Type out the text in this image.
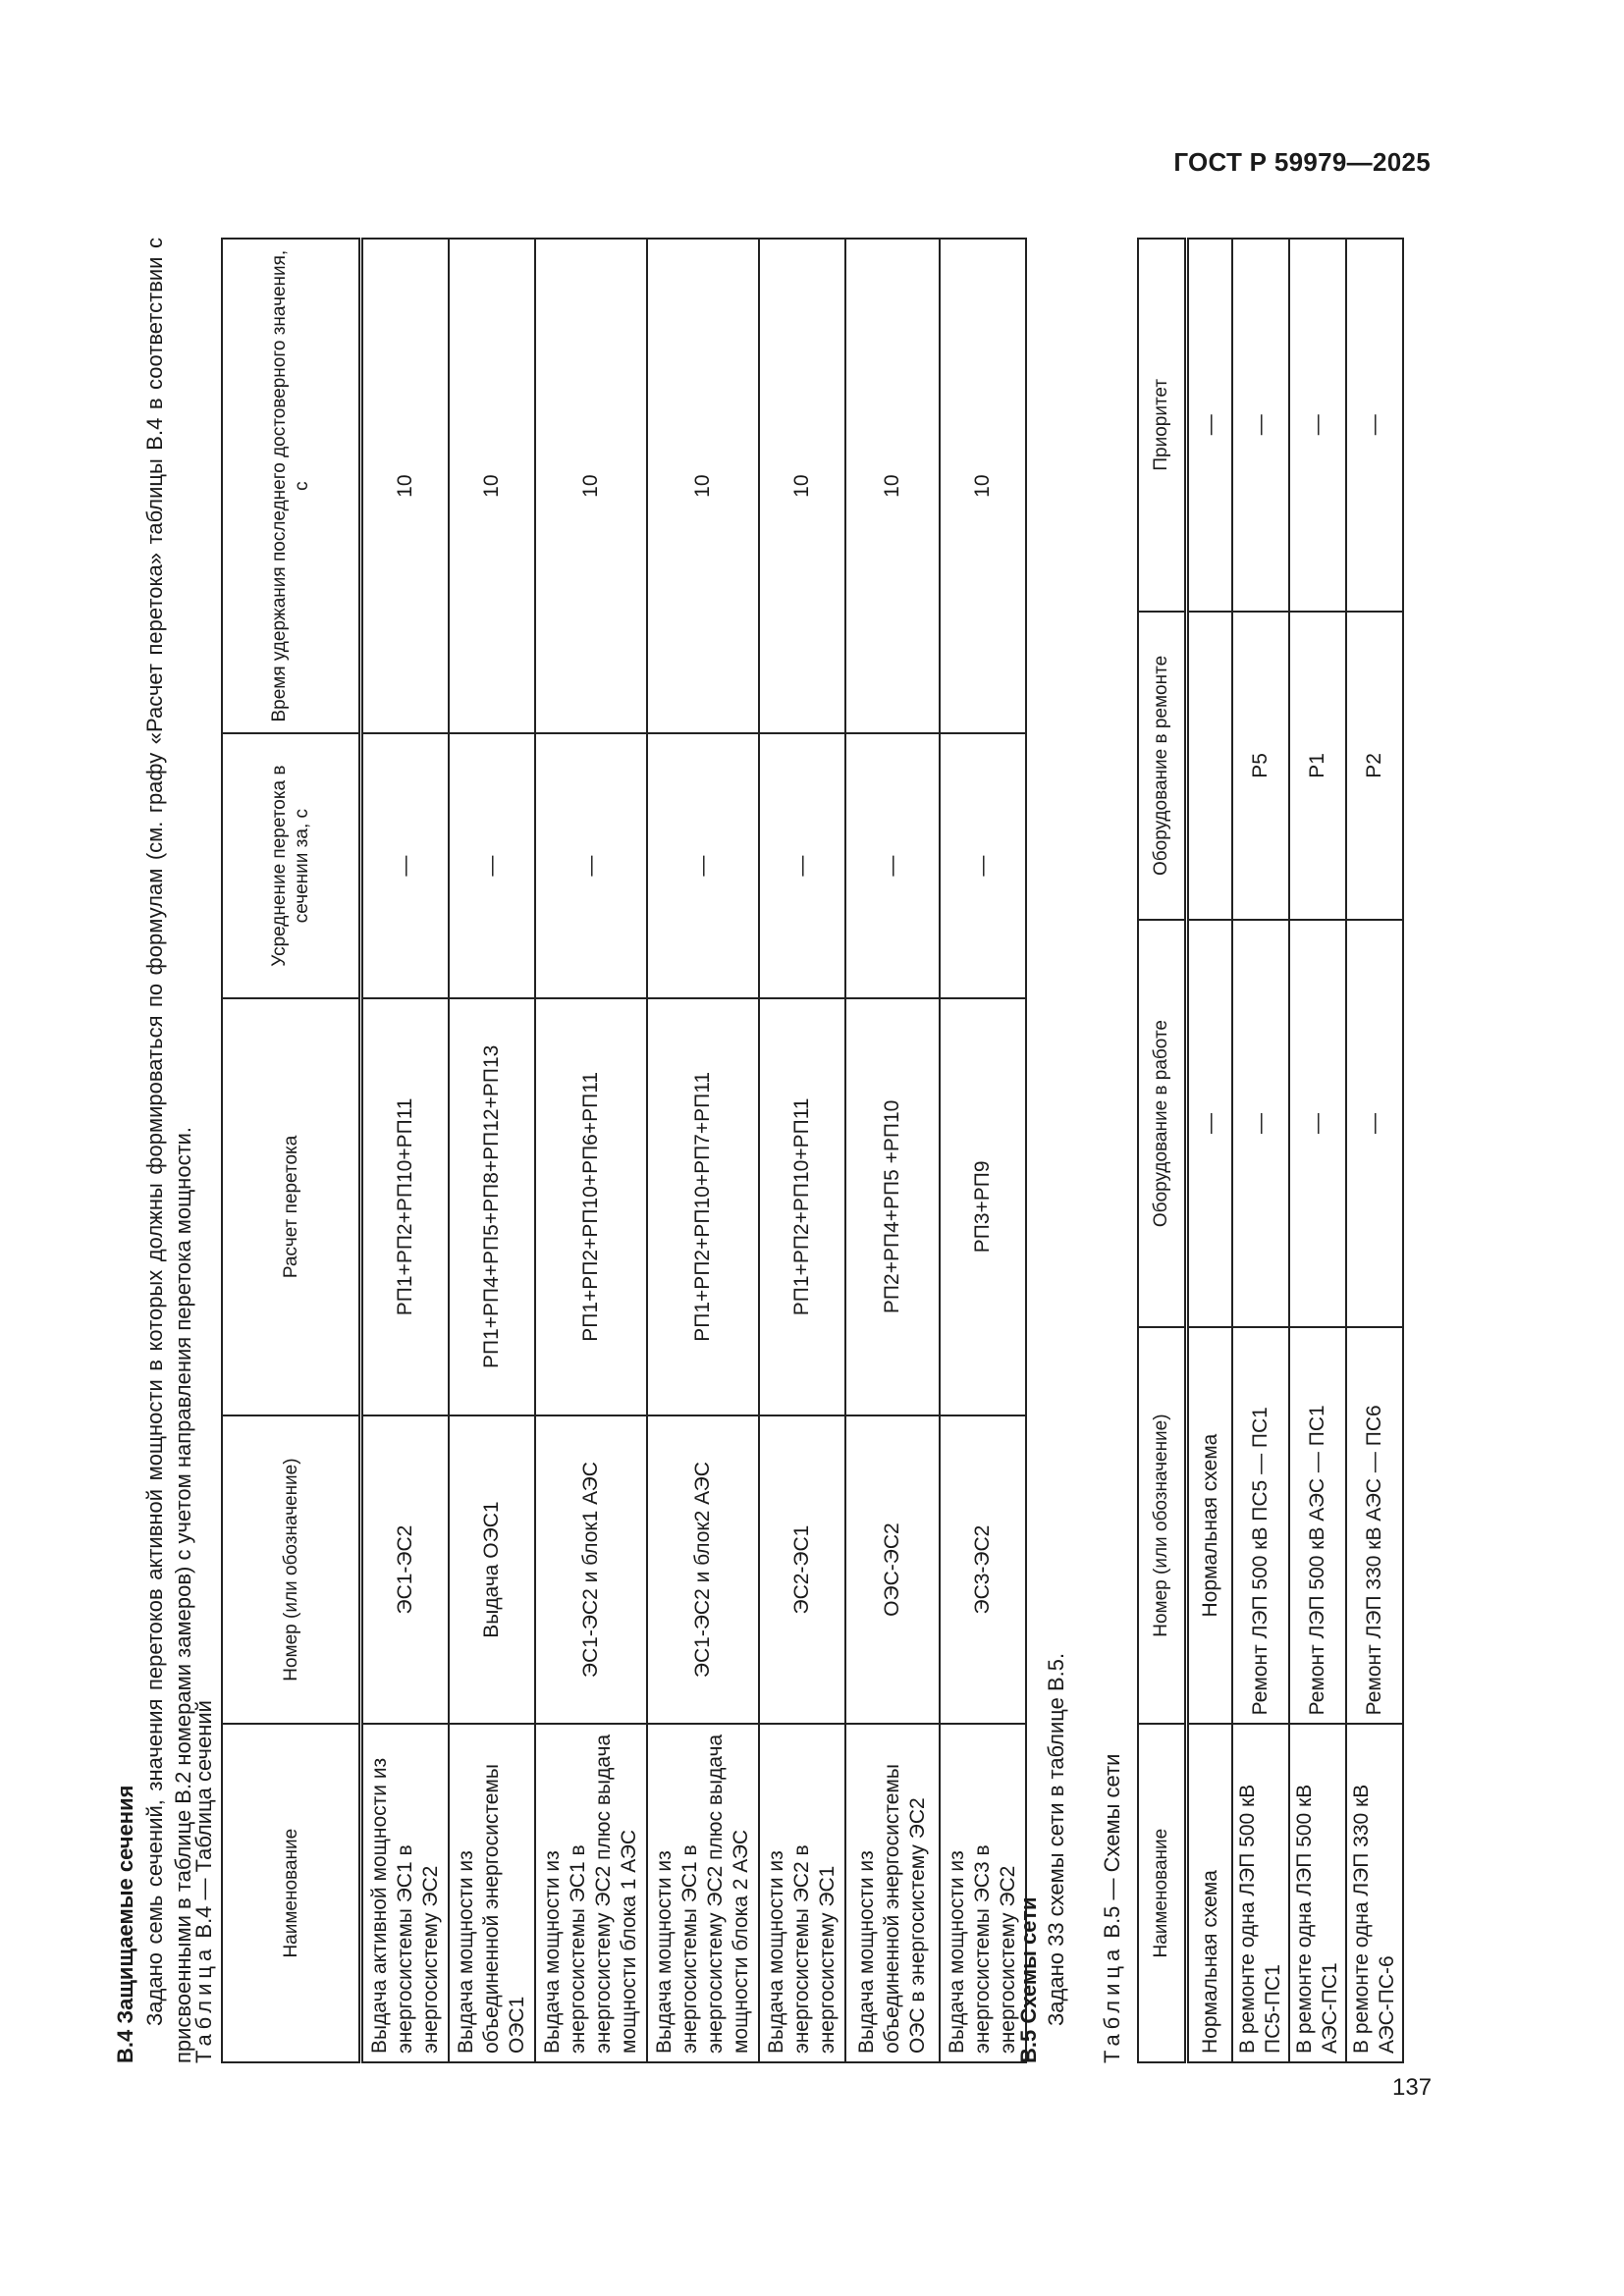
ГОСТ Р 59979—2025
В.4 Защищаемые сечения Задано семь сечений, значения перетоков активной мощности в которых должны формироваться по формулам (см. графу «Расчет перетока» таблицы В.4 в соответствии с присвоенными в таблице В.2 номерами замеров) с учетом направления перетока мощности.
Таблица В.4 — Таблица сечений	Наименование	Номер (или обозначение)	Расчет перетока	Усреднение перетока в сечении за, с	Время удержания последнего достоверного значения, с
Выдача активной мощности из энергосистемы ЭС1 в энергосистему ЭС2	ЭС1-ЭС2	РП1+РП2+РП10+РП11	—	10
Выдача мощности из объединенной энергосистемы ОЭС1	Выдача ОЭС1	РП1+РП4+РП5+РП8+РП12+РП13	—	10
Выдача мощности из энергосистемы ЭС1 в энергосистему ЭС2 плюс выдача мощности блока 1 АЭС	ЭС1-ЭС2 и блок1 АЭС	РП1+РП2+РП10+РП6+РП11	—	10
Выдача мощности из энергосистемы ЭС1 в энергосистему ЭС2 плюс выдача мощности блока 2 АЭС	ЭС1-ЭС2 и блок2 АЭС	РП1+РП2+РП10+РП7+РП11	—	10
Выдача мощности из энергосистемы ЭС2 в энергосистему ЭС1	ЭС2-ЭС1	РП1+РП2+РП10+РП11	—	10
Выдача мощности из объединенной энергосистемы ОЭС в энергосистему ЭС2	ОЭС-ЭС2	РП2+РП4+РП5 +РП10	—	10
Выдача мощности из энергосистемы ЭС3 в энергосистему ЭС2	ЭС3-ЭС2	РП3+РП9	—	10
В.5 Схемы сети Задано 33 схемы сети в таблице В.5. Таблица В.5 — Схемы сети Наименование	Номер (или обозначение)	Оборудование в работе	Оборудование в ремонте	Приоритет
Нормальная схема	Нормальная схема	—		—
В ремонте одна ЛЭП 500 кВ ПС5-ПС1	Ремонт ЛЭП 500 кВ ПС5 — ПС1	—	Р5	—
В ремонте одна ЛЭП 500 кВ АЭС-ПС1	Ремонт ЛЭП 500 кВ АЭС — ПС1	—	Р1	—
В ремонте одна ЛЭП 330 кВ АЭС-ПС-6	Ремонт ЛЭП 330 кВ АЭС — ПС6	—	Р2	—
137
